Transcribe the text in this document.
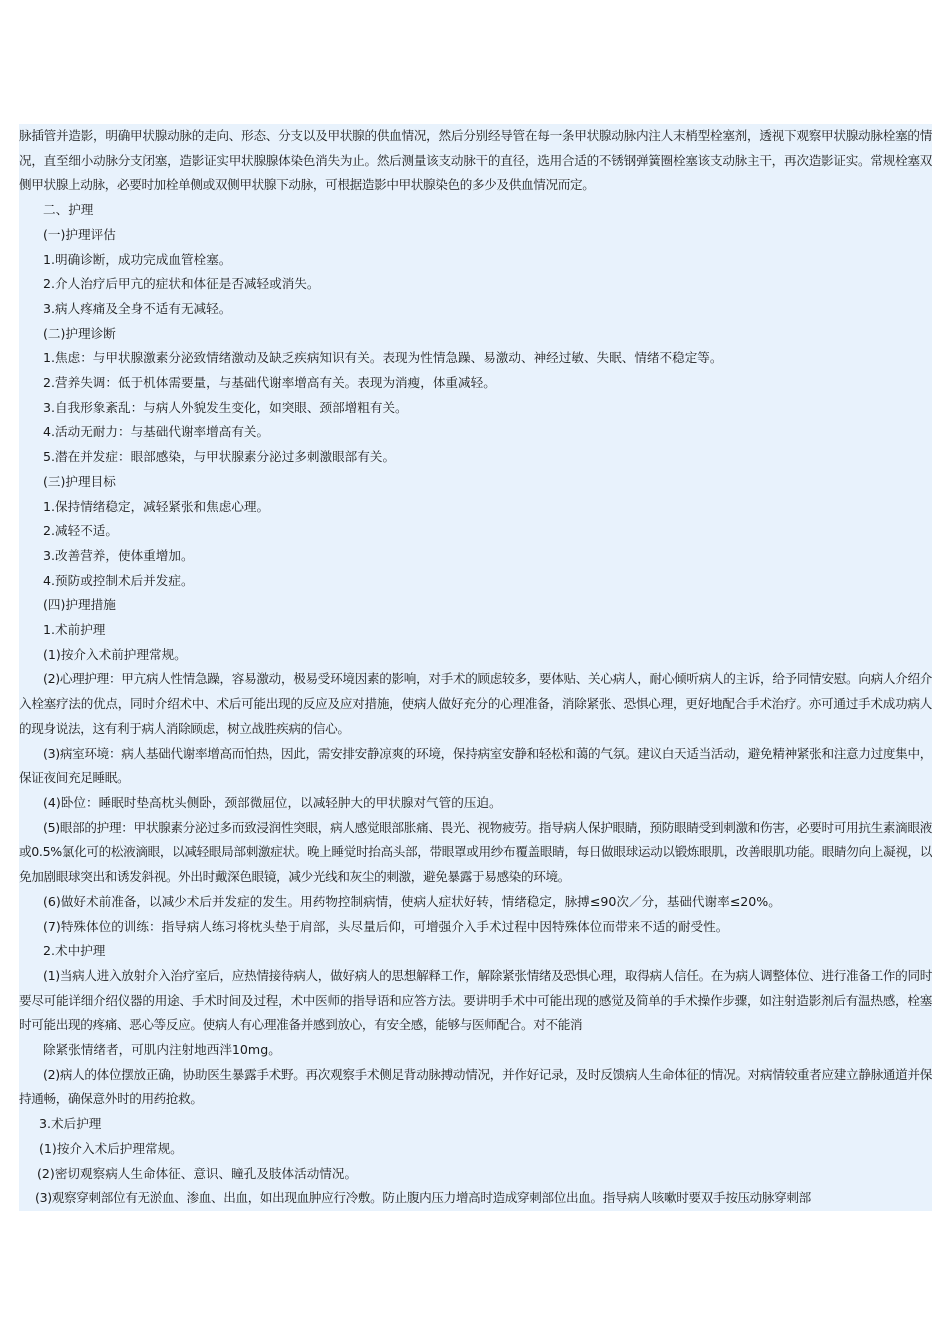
脉插管并造影，明确甲状腺动脉的走向、形态、分支以及甲状腺的供血情况，然后分别经导管在每一条甲状腺动脉内注人末梢型栓塞剂，透视下观察甲状腺动脉栓塞的情况，直至细小动脉分支闭塞，造影证实甲状腺腺体染色消失为止。然后测量该支动脉干的直径，选用合适的不锈钢弹簧圈栓塞该支动脉主干，再次造影证实。常规栓塞双侧甲状腺上动脉，必要时加栓单侧或双侧甲状腺下动脉，可根据造影中甲状腺染色的多少及供血情况而定。

二、护理

(一)护理评估

1.明确诊断，成功完成血管栓塞。

2.介人治疗后甲亢的症状和体征是否减轻或消失。

3.病人疼痛及全身不适有无减轻。

(二)护理诊断

1.焦虑：与甲状腺激素分泌致情绪激动及缺乏疾病知识有关。表现为性情急躁、易激动、神经过敏、失眠、情绪不稳定等。

2.营养失调：低于机体需要量，与基础代谢率增高有关。表现为消瘦，体重减轻。

3.自我形象紊乱：与病人外貌发生变化，如突眼、颈部增粗有关。

4.活动无耐力：与基础代谢率增高有关。

5.潜在并发症：眼部感染，与甲状腺素分泌过多刺激眼部有关。

(三)护理目标

1.保持情绪稳定，减轻紧张和焦虑心理。

2.减轻不适。

3.改善营养，使体重增加。

4.预防或控制术后并发症。

(四)护理措施

1.术前护理

(1)按介入术前护理常规。

(2)心理护理：甲亢病人性情急躁，容易激动，极易受环境因素的影响，对手术的顾虑较多，要体贴、关心病人，耐心倾听病人的主诉，给予同情安慰。向病人介绍介入栓塞疗法的优点，同时介绍术中、术后可能出现的反应及应对措施，使病人做好充分的心理准备，消除紧张、恐惧心理，更好地配合手术治疗。亦可通过手术成功病人的现身说法，这有利于病人消除顾虑，树立战胜疾病的信心。

(3)病室环境：病人基础代谢率增高而怕热，因此，需安排安静凉爽的环境，保持病室安静和轻松和蔼的气氛。建议白天适当活动，避免精神紧张和注意力过度集中，保证夜间充足睡眠。

(4)卧位：睡眠时垫高枕头侧卧，颈部微屈位，以减轻肿大的甲状腺对气管的压迫。

(5)眼部的护理：甲状腺素分泌过多而致浸润性突眼，病人感觉眼部胀痛、畏光、视物疲劳。指导病人保护眼睛，预防眼睛受到刺激和伤害，必要时可用抗生素滴眼液或0.5%氯化可的松液滴眼，以减轻眼局部刺激症状。晚上睡觉时抬高头部，带眼罩或用纱布覆盖眼睛，每日做眼球运动以锻炼眼肌，改善眼肌功能。眼睛勿向上凝视，以免加剧眼球突出和诱发斜视。外出时戴深色眼镜，减少光线和灰尘的刺激，避免暴露于易感染的环境。

(6)做好术前准备，以减少术后并发症的发生。用药物控制病情，使病人症状好转，情绪稳定，脉搏≤90次／分，基础代谢率≤20%。

(7)特殊体位的训练：指导病人练习将枕头垫于肩部，头尽量后仰，可增强介入手术过程中因特殊体位而带来不适的耐受性。

2.术中护理

(1)当病人进入放射介入治疗室后，应热情接待病人，做好病人的思想解释工作，解除紧张情绪及恐惧心理，取得病人信任。在为病人调整体位、进行准备工作的同时要尽可能详细介绍仪器的用途、手术时间及过程，术中医师的指导语和应答方法。要讲明手术中可能出现的感觉及简单的手术操作步骤，如注射造影剂后有温热感，栓塞时可能出现的疼痛、恶心等反应。使病人有心理准备并感到放心，有安全感，能够与医师配合。对不能消

除紧张情绪者，可肌内注射地西泮10mg。

(2)病人的体位摆放正确，协助医生暴露手术野。再次观察手术侧足背动脉搏动情况，并作好记录，及时反馈病人生命体征的情况。对病情较重者应建立静脉通道并保持通畅，确保意外时的用药抢救。

3.术后护理

(1)按介入术后护理常规。

(2)密切观察病人生命体征、意识、瞳孔及肢体活动情况。

(3)观察穿刺部位有无淤血、渗血、出血，如出现血肿应行冷敷。防止腹内压力增高时造成穿刺部位出血。指导病人咳嗽时要双手按压动脉穿刺部
